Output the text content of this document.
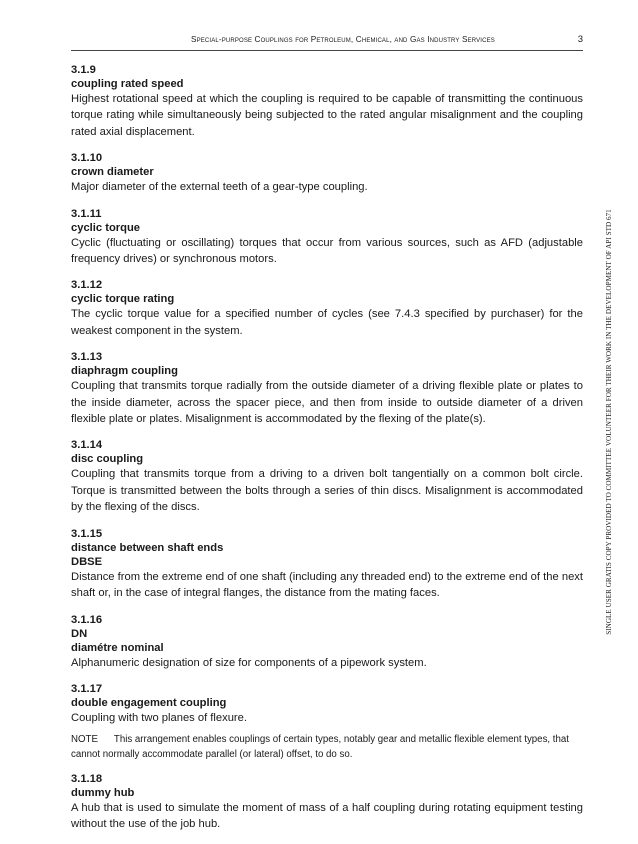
Special-purpose Couplings for Petroleum, Chemical, and Gas Industry Services	3
3.1.9
coupling rated speed
Highest rotational speed at which the coupling is required to be capable of transmitting the continuous torque rating while simultaneously being subjected to the rated angular misalignment and the coupling rated axial displacement.
3.1.10
crown diameter
Major diameter of the external teeth of a gear-type coupling.
3.1.11
cyclic torque
Cyclic (fluctuating or oscillating) torques that occur from various sources, such as AFD (adjustable frequency drives) or synchronous motors.
3.1.12
cyclic torque rating
The cyclic torque value for a specified number of cycles (see 7.4.3 specified by purchaser) for the weakest component in the system.
3.1.13
diaphragm coupling
Coupling that transmits torque radially from the outside diameter of a driving flexible plate or plates to the inside diameter, across the spacer piece, and then from inside to outside diameter of a driven flexible plate or plates. Misalignment is accommodated by the flexing of the plate(s).
3.1.14
disc coupling
Coupling that transmits torque from a driving to a driven bolt tangentially on a common bolt circle. Torque is transmitted between the bolts through a series of thin discs. Misalignment is accommodated by the flexing of the discs.
3.1.15
distance between shaft ends
DBSE
Distance from the extreme end of one shaft (including any threaded end) to the extreme end of the next shaft or, in the case of integral flanges, the distance from the mating faces.
3.1.16
DN
diamétre nominal
Alphanumeric designation of size for components of a pipework system.
3.1.17
double engagement coupling
Coupling with two planes of flexure.
NOTE This arrangement enables couplings of certain types, notably gear and metallic flexible element types, that cannot normally accommodate parallel (or lateral) offset, to do so.
3.1.18
dummy hub
A hub that is used to simulate the moment of mass of a half coupling during rotating equipment testing without the use of the job hub.
SINGLE USER GRATIS COPY PROVIDED TO COMMITTEE VOLUNTEER FOR THEIR WORK IN THE DEVELOPMENT OF API STD 671
